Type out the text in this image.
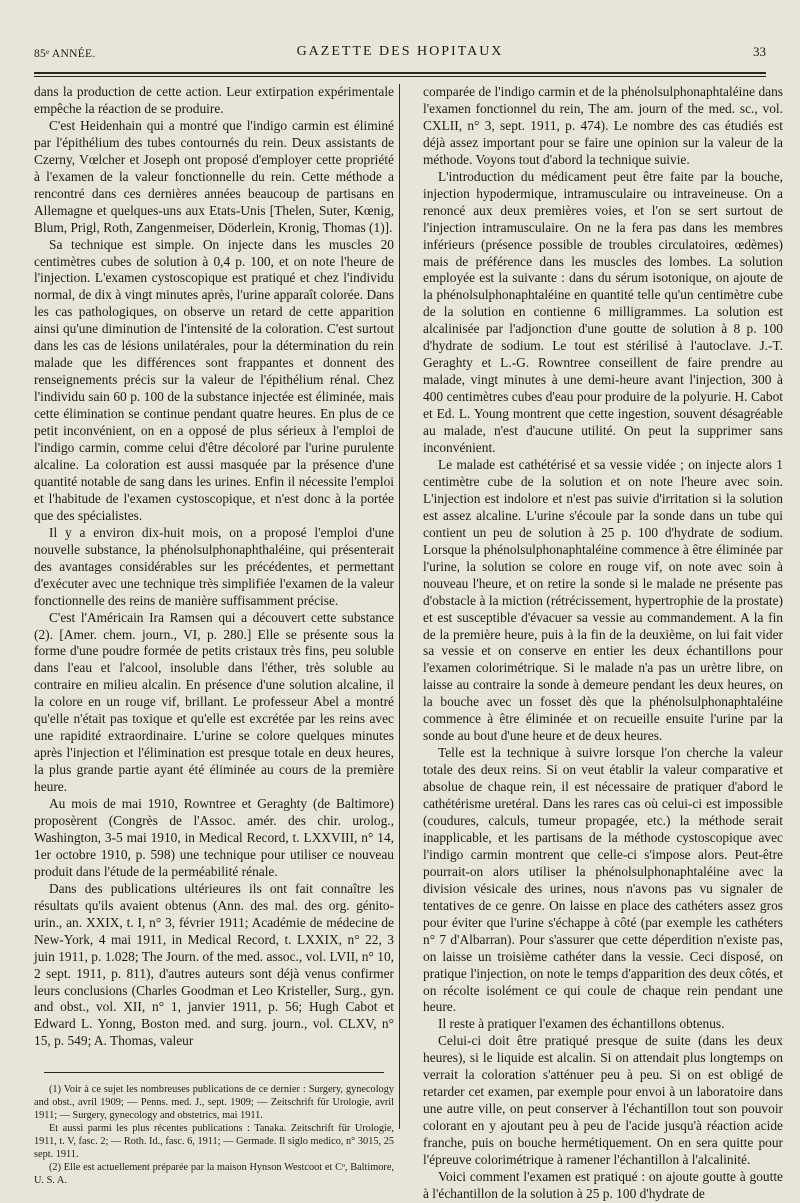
85ᵉ ANNÉE.	GAZETTE DES HOPITAUX	33

dans la production de cette action. Leur extirpation expérimentale empêche la réaction de se produire.

C'est Heidenhain qui a montré que l'indigo carmin est éliminé par l'épithélium des tubes contournés du rein. Deux assistants de Czerny, Vœlcher et Joseph ont proposé d'employer cette propriété à l'examen de la valeur fonctionnelle du rein. Cette méthode a rencontré dans ces dernières années beaucoup de partisans en Allemagne et quelques-uns aux Etats-Unis [Thelen, Suter, Kœnig, Blum, Prigl, Roth, Zangenmeiser, Döderlein, Kronig, Thomas (1)].

Sa technique est simple. On injecte dans les muscles 20 centimètres cubes de solution à 0,4 p. 100, et on note l'heure de l'injection. L'examen cystoscopique est pratiqué et chez l'individu normal, de dix à vingt minutes après, l'urine apparaît colorée. Dans les cas pathologiques, on observe un retard de cette apparition ainsi qu'une diminution de l'intensité de la coloration. C'est surtout dans les cas de lésions unilatérales, pour la détermination du rein malade que les différences sont frappantes et donnent des renseignements précis sur la valeur de l'épithélium rénal. Chez l'individu sain 60 p. 100 de la substance injectée est éliminée, mais cette élimination se continue pendant quatre heures. En plus de ce petit inconvénient, on en a opposé de plus sérieux à l'emploi de l'indigo carmin, comme celui d'être décoloré par l'urine purulente alcaline. La coloration est aussi masquée par la présence d'une quantité notable de sang dans les urines. Enfin il nécessite l'emploi et l'habitude de l'examen cystoscopique, et n'est donc à la portée que des spécialistes.

Il y a environ dix-huit mois, on a proposé l'emploi d'une nouvelle substance, la phénolsulphonaphthaléine, qui présenterait des avantages considérables sur les précédentes, et permettant d'exécuter avec une technique très simplifiée l'examen de la valeur fonctionnelle des reins de manière suffisamment précise.

C'est l'Américain Ira Ramsen qui a découvert cette substance (2). [Amer. chem. journ., VI, p. 280.] Elle se présente sous la forme d'une poudre formée de petits cristaux très fins, peu soluble dans l'eau et l'alcool, insoluble dans l'éther, très soluble au contraire en milieu alcalin. En présence d'une solution alcaline, il la colore en un rouge vif, brillant. Le professeur Abel a montré qu'elle n'était pas toxique et qu'elle est excrétée par les reins avec une rapidité extraordinaire. L'urine se colore quelques minutes après l'injection et l'élimination est presque totale en deux heures, la plus grande partie ayant été éliminée au cours de la première heure.

Au mois de mai 1910, Rowntree et Geraghty (de Baltimore) proposèrent (Congrès de l'Assoc. amér. des chir. urolog., Washington, 3-5 mai 1910, in Medical Record, t. LXXVIII, n° 14, 1er octobre 1910, p. 598) une technique pour utiliser ce nouveau produit dans l'étude de la perméabilité rénale.

Dans des publications ultérieures ils ont fait connaître les résultats qu'ils avaient obtenus (Ann. des mal. des org. génito-urin., an. XXIX, t. I, n° 3, février 1911; Académie de médecine de New-York, 4 mai 1911, in Medical Record, t. LXXIX, n° 22, 3 juin 1911, p. 1.028; The Journ. of the med. assoc., vol. LVII, n° 10, 2 sept. 1911, p. 811), d'autres auteurs sont déjà venus confirmer leurs conclusions (Charles Goodman et Leo Kristeller, Surg., gyn. and obst., vol. XII, n° 1, janvier 1911, p. 56; Hugh Cabot et Edward L. Yonng, Boston med. and surg. journ., vol. CLXV, n° 15, p. 549; A. Thomas, valeur

(1) Voir à ce sujet les nombreuses publications de ce dernier : Surgery, gynecology and obst., avril 1909; — Penns. med. J., sept. 1909; — Zeitschrift für Urologie, avril 1911; — Surgery, gynecology and obstetrics, mai 1911.

Et aussi parmi les plus récentes publications : Tanaka. Zeitschrift für Urologie, 1911, t. V, fasc. 2; — Roth. Id., fasc. 6, 1911; — Germade. Il siglo medico, n° 3015, 25 sept. 1911.

(2) Elle est actuellement préparée par la maison Hynson Westcoot et Cᵒ, Baltimore, U. S. A.

comparée de l'indigo carmin et de la phénolsulphonaphtaléine dans l'examen fonctionnel du rein, The am. journ of the med. sc., vol. CXLII, n° 3, sept. 1911, p. 474). Le nombre des cas étudiés est déjà assez important pour se faire une opinion sur la valeur de la méthode. Voyons tout d'abord la technique suivie.

L'introduction du médicament peut être faite par la bouche, injection hypodermique, intramusculaire ou intraveineuse. On a renoncé aux deux premières voies, et l'on se sert surtout de l'injection intramusculaire. On ne la fera pas dans les membres inférieurs (présence possible de troubles circulatoires, œdèmes) mais de préférence dans les muscles des lombes. La solution employée est la suivante : dans du sérum isotonique, on ajoute de la phénolsulphonaphtaléine en quantité telle qu'un centimètre cube de la solution en contienne 6 milligrammes. La solution est alcalinisée par l'adjonction d'une goutte de solution à 8 p. 100 d'hydrate de sodium. Le tout est stérilisé à l'autoclave. J.-T. Geraghty et L.-G. Rowntree conseillent de faire prendre au malade, vingt minutes à une demi-heure avant l'injection, 300 à 400 centimètres cubes d'eau pour produire de la polyurie. H. Cabot et Ed. L. Young montrent que cette ingestion, souvent désagréable au malade, n'est d'aucune utilité. On peut la supprimer sans inconvénient.

Le malade est cathétérisé et sa vessie vidée ; on injecte alors 1 centimètre cube de la solution et on note l'heure avec soin. L'injection est indolore et n'est pas suivie d'irritation si la solution est assez alcaline. L'urine s'écoule par la sonde dans un tube qui contient un peu de solution à 25 p. 100 d'hydrate de sodium. Lorsque la phénolsulphonaphtaléine commence à être éliminée par l'urine, la solution se colore en rouge vif, on note avec soin à nouveau l'heure, et on retire la sonde si le malade ne présente pas d'obstacle à la miction (rétrécissement, hypertrophie de la prostate) et est susceptible d'évacuer sa vessie au commandement. A la fin de la première heure, puis à la fin de la deuxième, on lui fait vider sa vessie et on conserve en entier les deux échantillons pour l'examen colorimétrique. Si le malade n'a pas un urètre libre, on laisse au contraire la sonde à demeure pendant les deux heures, on la bouche avec un fosset dès que la phénolsulphonaphtaléine commence à être éliminée et on recueille ensuite l'urine par la sonde au bout d'une heure et de deux heures.

Telle est la technique à suivre lorsque l'on cherche la valeur totale des deux reins. Si on veut établir la valeur comparative et absolue de chaque rein, il est nécessaire de pratiquer d'abord le cathétérisme uretéral. Dans les rares cas où celui-ci est impossible (coudures, calculs, tumeur propagée, etc.) la méthode serait inapplicable, et les partisans de la méthode cystoscopique avec l'indigo carmin montrent que celle-ci s'impose alors. Peut-être pourrait-on alors utiliser la phénolsulphonaphtaléine avec la division vésicale des urines, nous n'avons pas vu signaler de tentatives de ce genre. On laisse en place des cathéters assez gros pour éviter que l'urine s'échappe à côté (par exemple les cathéters n° 7 d'Albarran). Pour s'assurer que cette déperdition n'existe pas, on laisse un troisième cathéter dans la vessie. Ceci disposé, on pratique l'injection, on note le temps d'apparition des deux côtés, et on récolte isolément ce qui coule de chaque rein pendant une heure.

Il reste à pratiquer l'examen des échantillons obtenus.

Celui-ci doit être pratiqué presque de suite (dans les deux heures), si le liquide est alcalin. Si on attendait plus longtemps on verrait la coloration s'atténuer peu à peu. Si on est obligé de retarder cet examen, par exemple pour envoi à un laboratoire dans une autre ville, on peut conserver à l'échantillon tout son pouvoir colorant en y ajoutant peu à peu de l'acide jusqu'à réaction acide franche, puis on bouche hermétiquement. On en sera quitte pour l'épreuve colorimétrique à ramener l'échantillon à l'alcalinité.

Voici comment l'examen est pratiqué : on ajoute goutte à goutte à l'échantillon de la solution à 25 p. 100 d'hydrate de
